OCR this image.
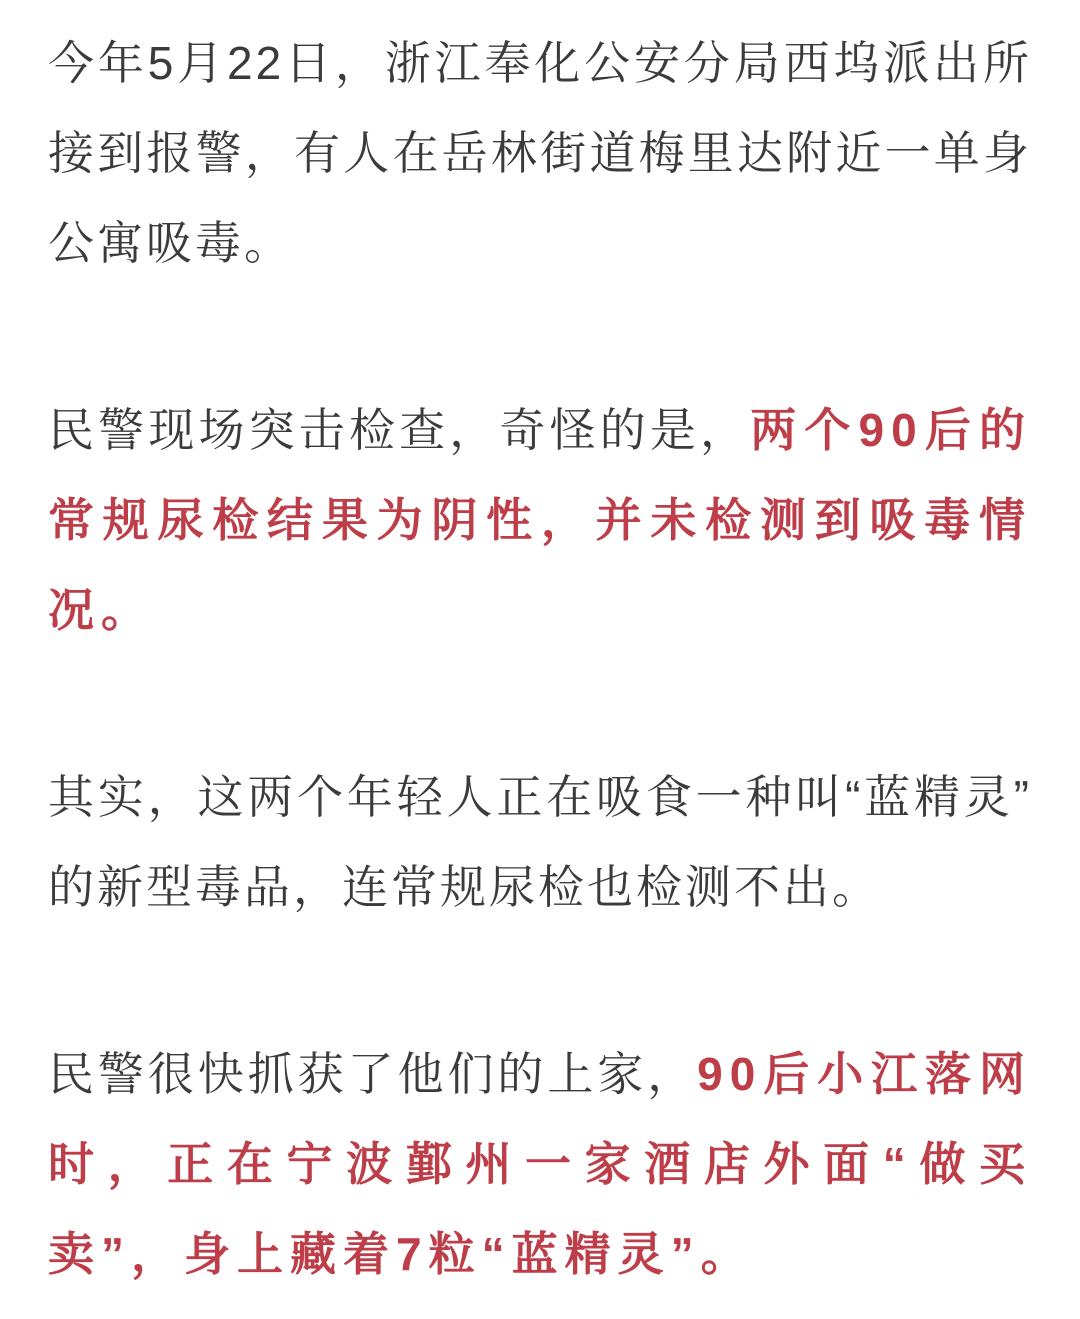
今年5月22日，浙江奉化公安分局西坞派出所接到报警，有人在岳林街道梅里达附近一单身公寓吸毒。

民警现场突击检查，奇怪的是，两个90后的常规尿检结果为阴性，并未检测到吸毒情况。

其实，这两个年轻人正在吸食一种叫“蓝精灵”的新型毒品，连常规尿检也检测不出。

民警很快抓获了他们的上家，90后小江落网时，正在宁波鄞州一家酒店外面“做买卖”，身上藏着7粒“蓝精灵”。
